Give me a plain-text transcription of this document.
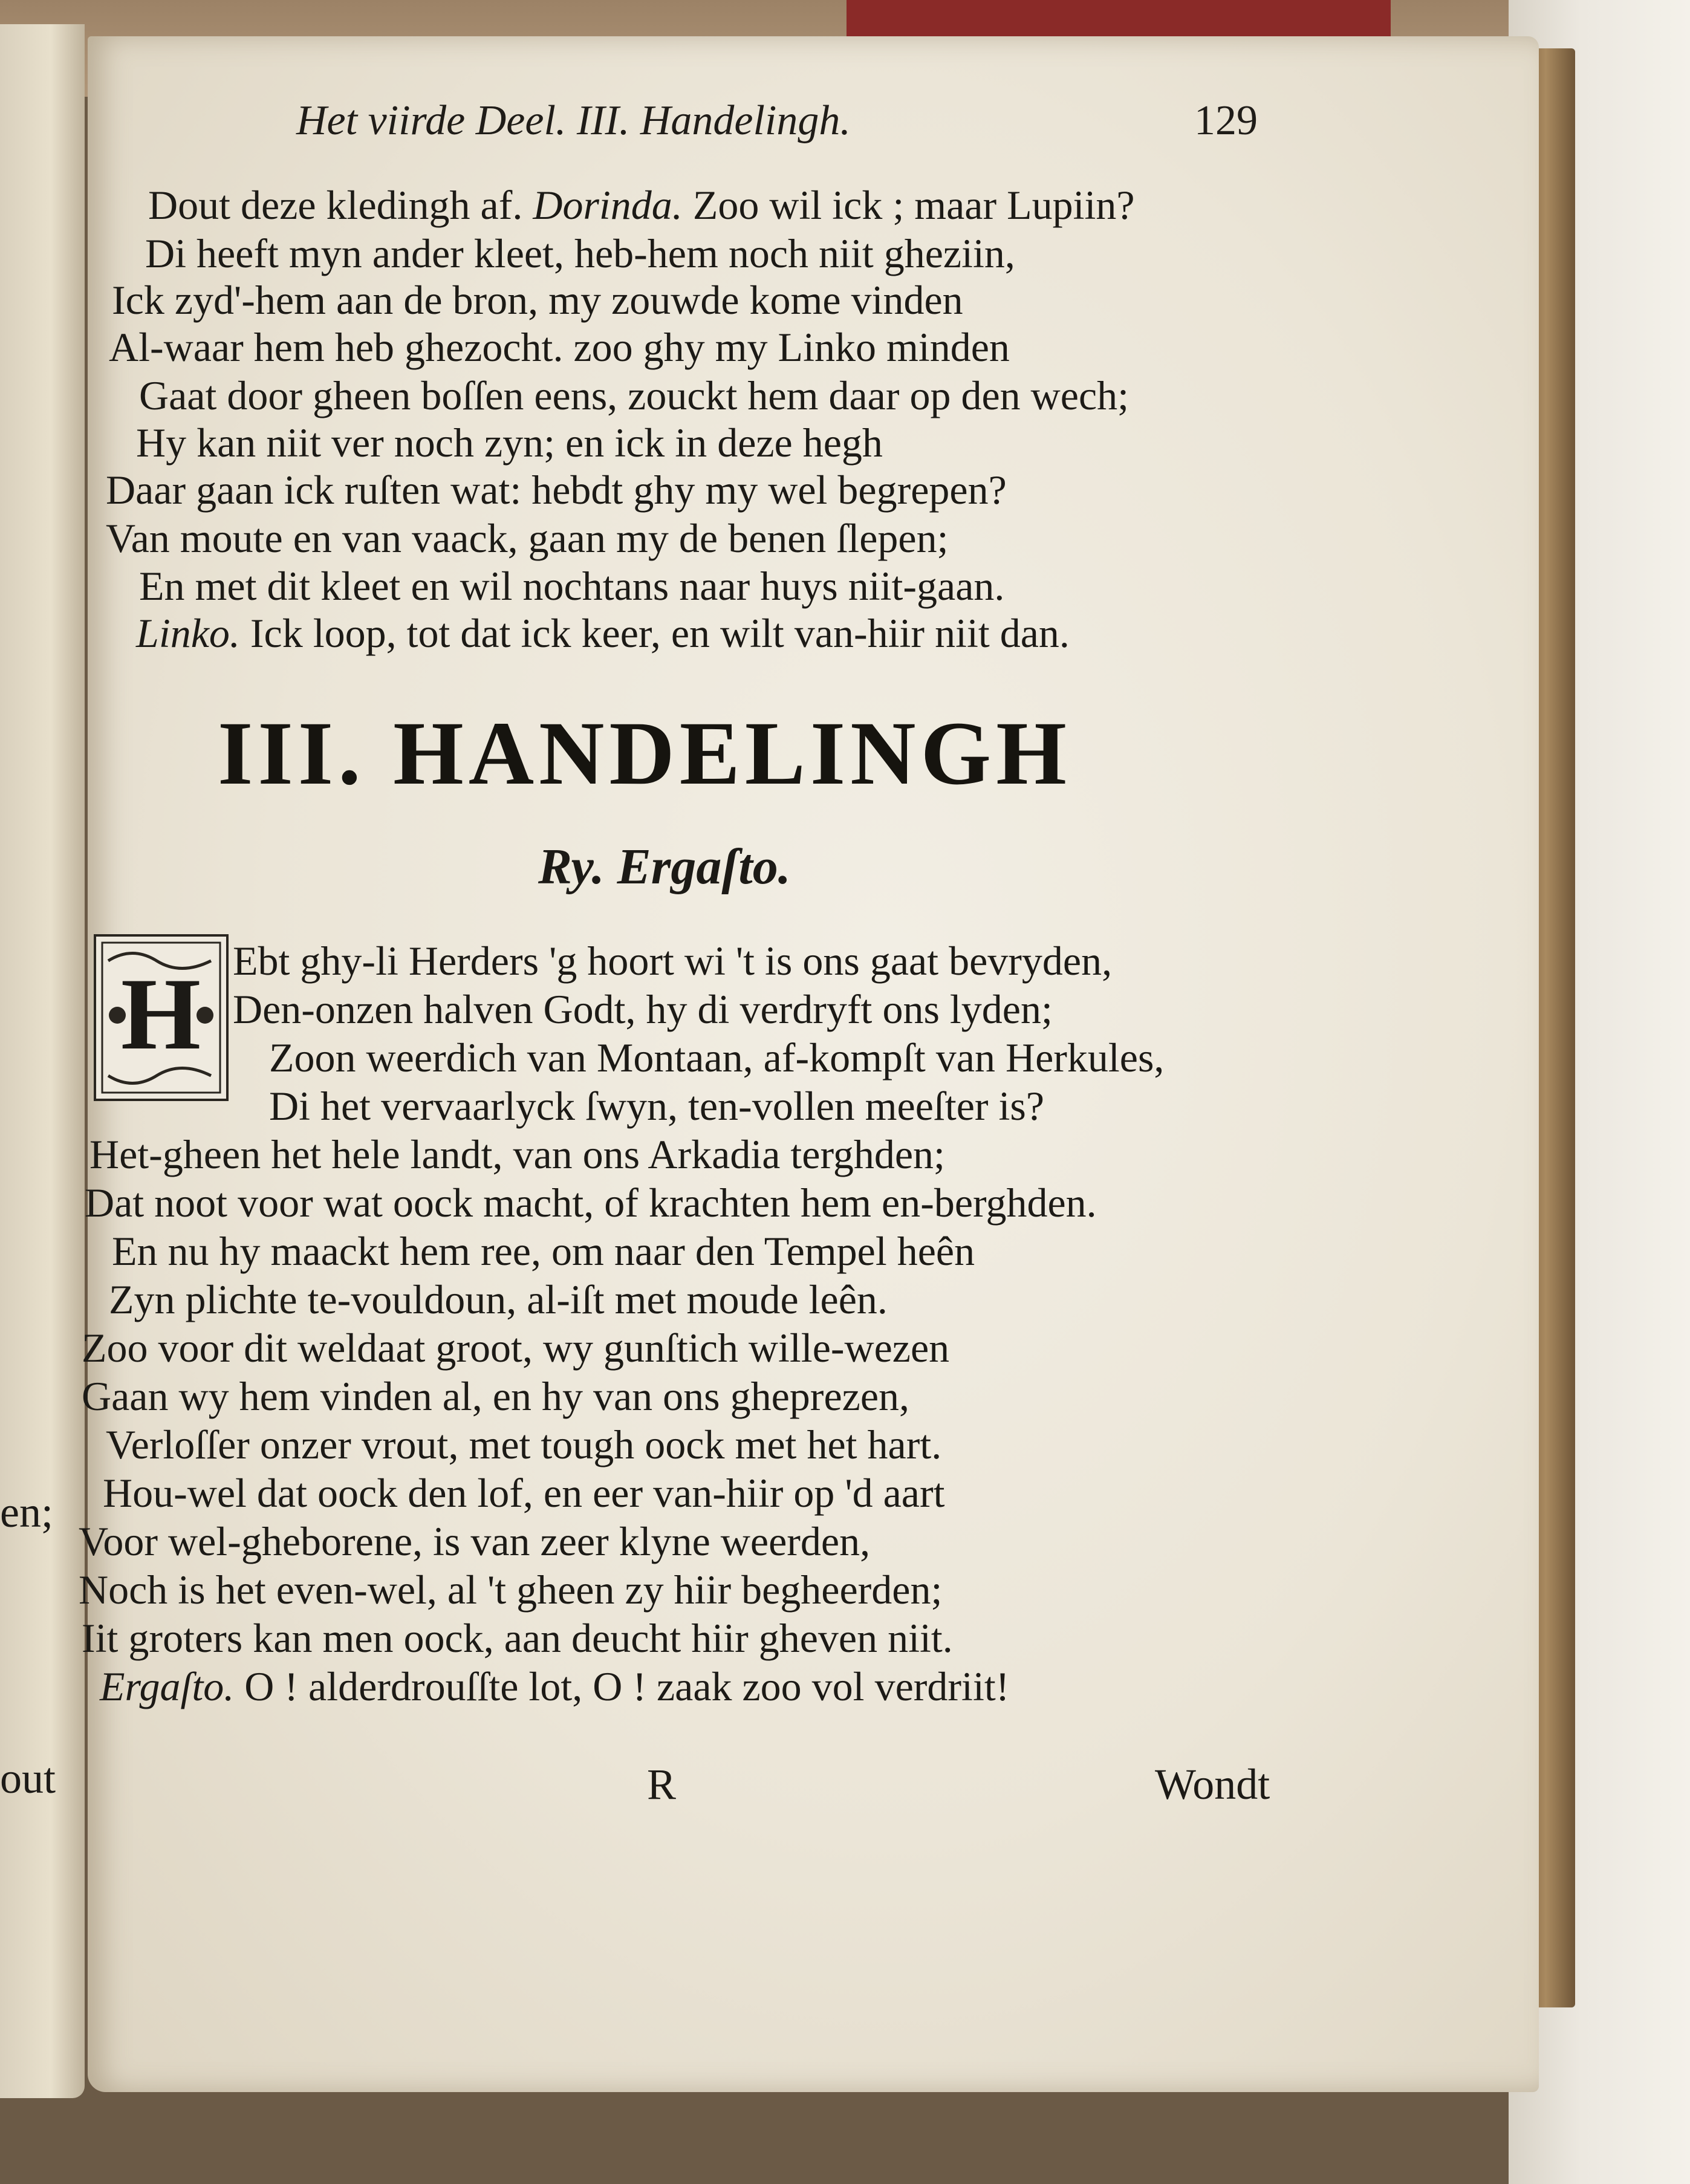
en;
out
Het viirde Deel. III. Handelingh.	129
Dout deze kledingh af. Dorinda. Zoo wil ick ; maar Lupiin?
Di heeft myn ander kleet, heb-hem noch niit gheziin,
Ick zyd'-hem aan de bron, my zouwde kome vinden
Al-waar hem heb ghezocht. zoo ghy my Linko minden
Gaat door gheen boſſen eens, zouckt hem daar op den wech;
Hy kan niit ver noch zyn; en ick in deze hegh
Daar gaan ick ruſten wat: hebdt ghy my wel begrepen?
Van moute en van vaack, gaan my de benen ſlepen;
En met dit kleet en wil nochtans naar huys niit-gaan.
Linko. Ick loop, tot dat ick keer, en wilt van-hiir niit dan.
III. HANDELINGH
Ry. Ergaſto.
H Ebt ghy-li Herders 'g hoort wi 't is ons gaat bevryden,
Den-onzen halven Godt, hy di verdryft ons lyden;
Zoon weerdich van Montaan, af-kompſt van Herkules,
Di het vervaarlyck ſwyn, ten-vollen meeſter is?
Het-gheen het hele landt, van ons Arkadia terghden;
Dat noot voor wat oock macht, of krachten hem en-berghden.
En nu hy maackt hem ree, om naar den Tempel heên
Zyn plichte te-vouldoun, al-iſt met moude leên.
Zoo voor dit weldaat groot, wy gunſtich wille-wezen
Gaan wy hem vinden al, en hy van ons gheprezen,
Verloſſer onzer vrout, met tough oock met het hart.
Hou-wel dat oock den lof, en eer van-hiir op 'd aart
Voor wel-gheborene, is van zeer klyne weerden,
Noch is het even-wel, al 't gheen zy hiir begheerden;
Iit groters kan men oock, aan deucht hiir gheven niit.
Ergaſto. O ! alderdrouſſte lot, O ! zaak zoo vol verdriit!
R	Wondt
